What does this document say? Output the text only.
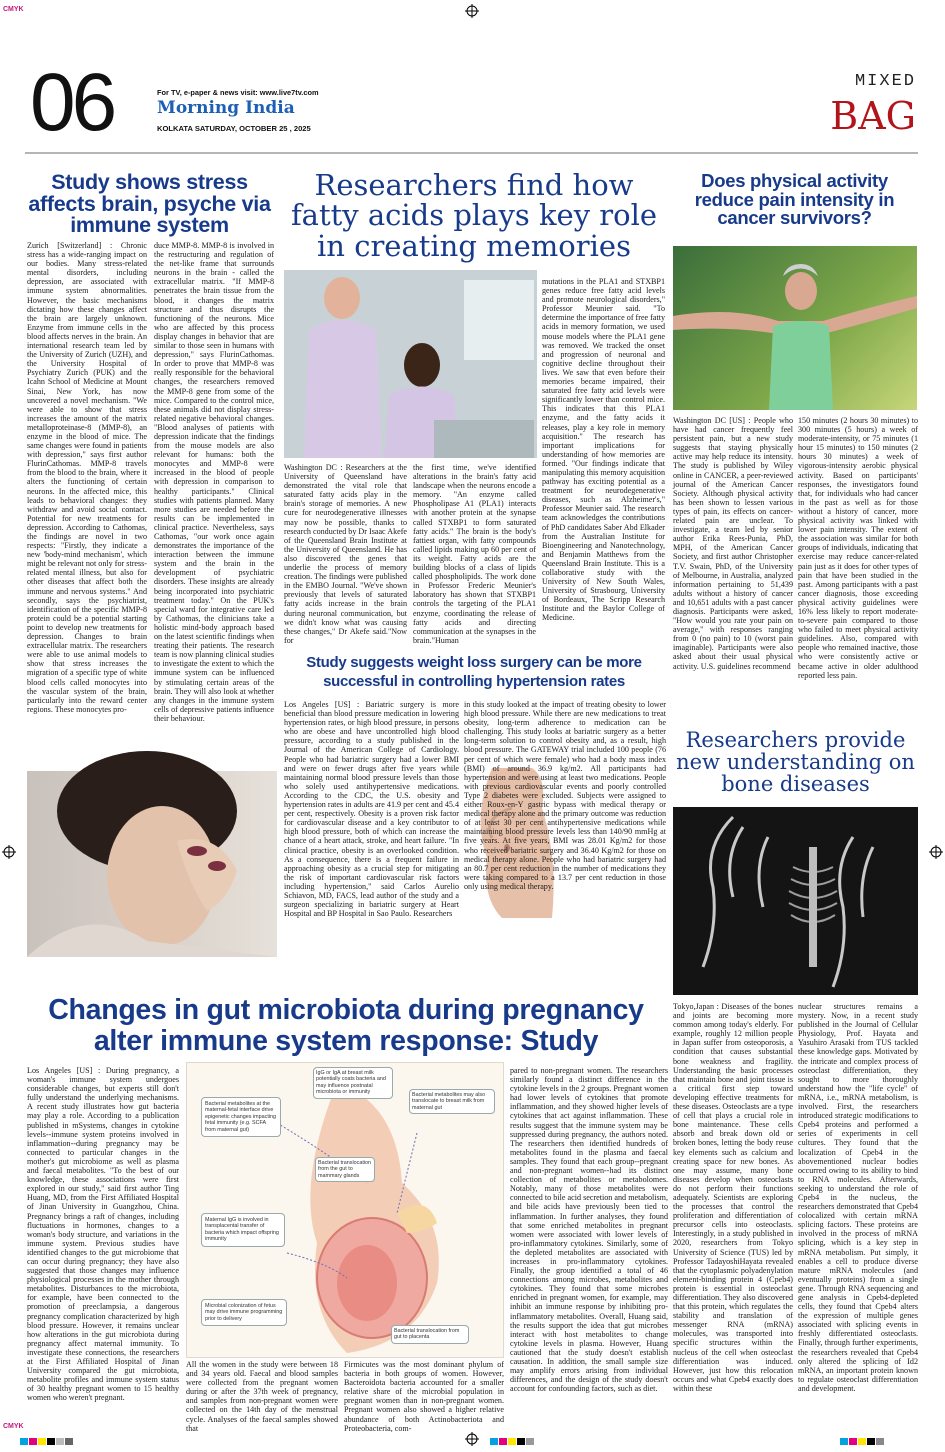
CMYK
CMYK
06	For TV, e-paper & news visit: www.live7tv.com
Morning India
KOLKATA SATURDAY, OCTOBER 25 , 2025
MIXED
BAG
Study shows stress affects brain, psyche via immune system
Zurich [Switzerland] : Chronic stress has a wide-ranging impact on our bodies. Many stress-related mental disorders, including depression, are associated with immune system abnormalities. However, the basic mechanisms dictating how these changes affect the brain are largely unknown. Enzyme from immune cells in the blood affects nerves in the brain. An international research team led by the University of Zurich (UZH), and the University Hospital of Psychiatry Zurich (PUK) and the Icahn School of Medicine at Mount Sinai, New York, has now uncovered a novel mechanism. "We were able to show that stress increases the amount of the matrix metalloproteinase-8 (MMP-8), an enzyme in the blood of mice. The same changes were found in patients with depression," says first author FlurinCathomas. MMP-8 travels from the blood to the brain, where it alters the functioning of certain neurons. In the affected mice, this leads to behavioral changes: they withdraw and avoid social contact. Potential for new treatments for depression. According to Cathomas, the findings are novel in two respects: "Firstly, they indicate a new 'body-mind mechanism', which might be relevant not only for stress-related mental illness, but also for other diseases that affect both the immune and nervous systems." And secondly, says the psychiatrist, identification of the specific MMP-8 protein could be a potential starting point to develop new treatments for depression. Changes to brain extracellular matrix. The researchers were able to use animal models to show that stress increases the migration of a specific type of white blood cells called monocytes into the vascular system of the brain, particularly into the reward center regions. These monocytes pro-
duce MMP-8. MMP-8 is involved in the restructuring and regulation of the net-like frame that surrounds neurons in the brain - called the extracellular matrix. "If MMP-8 penetrates the brain tissue from the blood, it changes the matrix structure and thus disrupts the functioning of the neurons. Mice who are affected by this process display changes in behavior that are similar to those seen in humans with depression," says FlurinCathomas. In order to prove that MMP-8 was really responsible for the behavioral changes, the researchers removed the MMP-8 gene from some of the mice. Compared to the control mice, these animals did not display stress-related negative behavioral changes. "Blood analyses of patients with depression indicate that the findings from the mouse models are also relevant for humans: both the monocytes and MMP-8 were increased in the blood of people with depression in comparison to healthy participants." Clinical studies with patients planned. Many more studies are needed before the results can be implemented in clinical practice. Nevertheless, says Cathomas, "our work once again demonstrates the importance of the interaction between the immune system and the brain in the development of psychiatric disorders. These insights are already being incorporated into psychiatric treatment today." On the PUK's special ward for integrative care led by Cathomas, the clinicians take a holistic mind-body approach based on the latest scientific findings when treating their patients. The research team is now planning clinical studies to investigate the extent to which the immune system can be influenced by stimulating certain areas of the brain. They will also look at whether any changes in the immune system cells of depressive patients influence their behaviour.
Researchers find how fatty acids plays key role in creating memories
Washington DC : Researchers at the University of Queensland have demonstrated the vital role that saturated fatty acids play in the brain's storage of memories. A new cure for neurodegenerative illnesses may now be possible, thanks to research conducted by Dr Isaac Akefe of the Queensland Brain Institute at the University of Queensland. He has also discovered the genes that underlie the process of memory creation. The findings were published in the EMBO Journal. "We've shown previously that levels of saturated fatty acids increase in the brain during neuronal communication, but we didn't know what was causing these changes," Dr Akefe said."Now for
the first time, we've identified alterations in the brain's fatty acid landscape when the neurons encode a memory. "An enzyme called Phospholipase A1 (PLA1) interacts with another protein at the synapse called STXBP1 to form saturated fatty acids." The brain is the body's fattiest organ, with fatty compounds called lipids making up 60 per cent of its weight. Fatty acids are the building blocks of a class of lipids called phospholipids. The work done in Professor Frederic Meunier's laboratory has shown that STXBP1 controls the targeting of the PLA1 enzyme, coordinating the release of fatty acids and directing communication at the synapses in the brain."Human
mutations in the PLA1 and STXBP1 genes reduce free fatty acid levels and promote neurological disorders," Professor Meunier said. "To determine the importance of free fatty acids in memory formation, we used mouse models where the PLA1 gene was removed. We tracked the onset and progression of neuronal and cognitive decline throughout their lives. We saw that even before their memories became impaired, their saturated free fatty acid levels were significantly lower than control mice. This indicates that this PLA1 enzyme, and the fatty acids it releases, play a key role in memory acquisition." The research has important implications for understanding of how memories are formed. "Our findings indicate that manipulating this memory acquisition pathway has exciting potential as a treatment for neurodegenerative diseases, such as Alzheimer's," Professor Meunier said. The research team acknowledges the contributions of PhD candidates Saber Abd Elkader from the Australian Institute for Bioengineering and Nanotechnology, and Benjamin Matthews from the Queensland Brain Institute. This is a collaborative study with the University of New South Wales, University of Strasbourg, University of Bordeaux, The Scripp Research Institute and the Baylor College of Medicine.
Study suggests weight loss surgery can be more successful in controlling hypertension rates
Los Angeles [US] : Bariatric surgery is more beneficial than blood pressure medication in lowering hypertension rates, or high blood pressure, in persons who are obese and have uncontrolled high blood pressure, according to a study published in the Journal of the American College of Cardiology. People who had bariatric surgery had a lower BMI and were on fewer drugs after five years while maintaining normal blood pressure levels than those who solely used antihypertensive medications. According to the CDC, the U.S. obesity and hypertension rates in adults are 41.9 per cent and 45.4 per cent, respectively. Obesity is a proven risk factor for cardiovascular disease and a key contributor to high blood pressure, both of which can increase the chance of a heart attack, stroke, and heart failure. "In clinical practice, obesity is an overlooked condition. As a consequence, there is a frequent failure in approaching obesity as a crucial step for mitigating the risk of important cardiovascular risk factors including hypertension," said Carlos Aurelio Schiavon, MD, FACS, lead author of the study and a surgeon specializing in bariatric surgery at Heart Hospital and BP Hospital in Sao Paulo. Researchers
in this study looked at the impact of treating obesity to lower high blood pressure. While there are new medications to treat obesity, long-term adherence to medication can be challenging. This study looks at bariatric surgery as a better long-term solution to control obesity and, as a result, high blood pressure. The GATEWAY trial included 100 people (76 per cent of which were female) who had a body mass index (BMI) of around 36.9 kg/m2. All participants had hypertension and were using at least two medications. People with previous cardiovascular events and poorly controlled Type 2 diabetes were excluded. Subjects were assigned to either Roux-en-Y gastric bypass with medical therapy or medical therapy alone and the primary outcome was reduction of at least 30 per cent antihypertensive medications while maintaining blood pressure levels less than 140/90 mmHg at five years. At five years, BMI was 28.01 Kg/m2 for those who received bariatric surgery and 36.40 Kg/m2 for those on medical therapy alone. People who had bariatric surgery had an 80.7 per cent reduction in the number of medications they were taking compared to a 13.7 per cent reduction in those only using medical therapy.
Does physical activity reduce pain intensity in cancer survivors?
Washington DC [US] : People who have had cancer frequently feel persistent pain, but a new study suggests that staying physically active may help reduce its intensity. The study is published by Wiley online in CANCER, a peer-reviewed journal of the American Cancer Society. Although physical activity has been shown to lessen various types of pain, its effects on cancer-related pain are unclear. To investigate, a team led by senior author Erika Rees-Punia, PhD, MPH, of the American Cancer Society, and first author Christopher T.V. Swain, PhD, of the University of Melbourne, in Australia, analyzed information pertaining to 51,439 adults without a history of cancer and 10,651 adults with a past cancer diagnosis. Participants were asked, "How would you rate your pain on average," with responses ranging from 0 (no pain) to 10 (worst pain imaginable). Participants were also asked about their usual physical activity. U.S. guidelines recommend
150 minutes (2 hours 30 minutes) to 300 minutes (5 hours) a week of moderate-intensity, or 75 minutes (1 hour 15 minutes) to 150 minutes (2 hours 30 minutes) a week of vigorous-intensity aerobic physical activity. Based on participants' responses, the investigators found that, for individuals who had cancer in the past as well as for those without a history of cancer, more physical activity was linked with lower pain intensity. The extent of the association was similar for both groups of individuals, indicating that exercise may reduce cancer-related pain just as it does for other types of pain that have been studied in the past. Among participants with a past cancer diagnosis, those exceeding physical activity guidelines were 16% less likely to report moderate-to-severe pain compared to those who failed to meet physical activity guidelines. Also, compared with people who remained inactive, those who were consistently active or became active in older adulthood reported less pain.
Researchers provide new understanding on bone diseases
Tokyo,Japan : Diseases of the bones and joints are becoming more common among today's elderly. For example, roughly 12 million people in Japan suffer from osteoporosis, a condition that causes substantial bone weakness and fragility. Understanding the basic processes that maintain bone and joint tissue is a critical first step toward developing effective treatments for these diseases. Osteoclasts are a type of cell that plays a crucial role in bone maintenance. These cells absorb and break down old or broken bones, letting the body reuse key elements such as calcium and creating space for new bones. As one may assume, many bone diseases develop when osteoclasts do not perform their functions adequately. Scientists are exploring the processes that control the proliferation and differentiation of precursor cells into osteoclasts. Interestingly, in a study published in 2020, researchers from Tokyo University of Science (TUS) led by Professor TadayoshiHayata revealed that the cytoplasmic polyadenylation element-binding protein 4 (Cpeb4) protein is essential in osteoclast differentiation. They also discovered that this protein, which regulates the stability and translation of messenger RNA (mRNA) molecules, was transported into specific structures within the nucleus of the cell when osteoclast differentiation was induced. However, just how this relocation occurs and what Cpeb4 exactly does within these
nuclear structures remains a mystery. Now, in a recent study published in the Journal of Cellular Physiology, Prof. Hayata and Yasuhiro Arasaki from TUS tackled these knowledge gaps. Motivated by the intricate and complex process of osteoclast differentiation, they sought to more thoroughly understand how the "life cycle" of mRNA, i.e., mRNA metabolism, is involved. First, the researchers introduced strategic modifications to Cpeb4 proteins and performed a series of experiments in cell cultures. They found that the localization of Cpeb4 in the abovementioned nuclear bodies occurred owing to its ability to bind to RNA molecules. Afterwards, seeking to understand the role of Cpeb4 in the nucleus, the researchers demonstrated that Cpeb4 colocalized with certain mRNA splicing factors. These proteins are involved in the process of mRNA splicing, which is a key step in mRNA metabolism. Put simply, it enables a cell to produce diverse mature mRNA molecules (and eventually proteins) from a single gene. Through RNA sequencing and gene analysis in Cpeb4-depleted cells, they found that Cpeb4 alters the expression of multiple genes associated with splicing events in freshly differentiated osteoclasts. Finally, through further experiments, the researchers revealed that Cpeb4 only altered the splicing of Id2 mRNA, an important protein known to regulate osteoclast differentiation and development.
Changes in gut microbiota during pregnancy alter immune system response: Study
Los Angeles [US] : During pregnancy, a woman's immune system undergoes considerable changes, but experts still don't fully understand the underlying mechanisms. A recent study illustrates how gut bacteria may play a role. According to a publication published in mSystems, changes in cytokine levels--immune system proteins involved in inflammation--during pregnancy may be connected to particular changes in the mother's gut microbiome as well as plasma and faecal metabolites. "To the best of our knowledge, these associations were first explored in our study," said first author Ting Huang, MD, from the First Affiliated Hospital of Jinan University in Guangzhou, China. Pregnancy brings a raft of changes, including fluctuations in hormones, changes to a woman's body structure, and variations in the immune system. Previous studies have identified changes to the gut microbiome that can occur during pregnancy; they have also suggested that those changes may influence physiological processes in the mother through metabolites. Disturbances to the microbiota, for example, have been connected to the promotion of preeclampsia, a dangerous pregnancy complication characterized by high blood pressure. However, it remains unclear how alterations in the gut microbiota during pregnancy affect maternal immunity. To investigate these connections, the researchers at the First Affiliated Hospital of Jinan University compared the gut microbiota, metabolite profiles and immune system status of 30 healthy pregnant women to 15 healthy women who weren't pregnant.
IgG or IgA at breast milk potentially coats bacteria and may influence postnatal microbiota or immunity
Bacterial metabolites at the maternal-fetal interface drive epigenetic changes impacting fetal immunity (e.g. SCFA from maternal gut)
Bacterial metabolites may also translocate to breast milk from maternal gut
Bacterial translocation from the gut to mammary glands
Maternal IgG is involved in transplacental transfer of bacteria which impact offspring immunity
Microbial colonization of fetus may drive immune programming prior to delivery
Bacterial translocation from gut to placenta
All the women in the study were between 18 and 34 years old. Faecal and blood samples were collected from the pregnant women during or after the 37th week of pregnancy, and samples from non-pregnant women were collected on the 14th day of the menstrual cycle. Analyses of the faecal samples showed that
Firmicutes was the most dominant phylum of bacteria in both groups of women. However, Bacteroidota bacteria accounted for a smaller relative share of the microbial population in pregnant women than in non-pregnant women. Pregnant women also showed a higher relative abundance of both Actinobacteriota and Proteobacteria, com-
pared to non-pregnant women. The researchers similarly found a distinct difference in the cytokine levels in the 2 groups. Pregnant women had lower levels of cytokines that promote inflammation, and they showed higher levels of cytokines that act against inflammation. These results suggest that the immune system may be suppressed during pregnancy, the authors noted. The researchers then identified hundreds of metabolites found in the plasma and faecal samples. They found that each group--pregnant and non-pregnant women--had its distinct collection of metabolites or metabolomes. Notably, many of those metabolites were connected to bile acid secretion and metabolism, and bile acids have previously been tied to inflammation. In further analyses, they found that some enriched metabolites in pregnant women were associated with lower levels of pro-inflammatory cytokines. Similarly, some of the depleted metabolites are associated with increases in pro-inflammatory cytokines. Finally, the group identified a total of 46 connections among microbes, metabolites and cytokines. They found that some microbes enriched in pregnant women, for example, may inhibit an immune response by inhibiting pro-inflammatory metabolites. Overall, Huang said, the results support the idea that gut microbes interact with host metabolites to change cytokine levels in plasma. However, Huang cautioned that the study doesn't establish causation. In addition, the small sample size may amplify errors arising from individual differences, and the design of the study doesn't account for confounding factors, such as diet.
